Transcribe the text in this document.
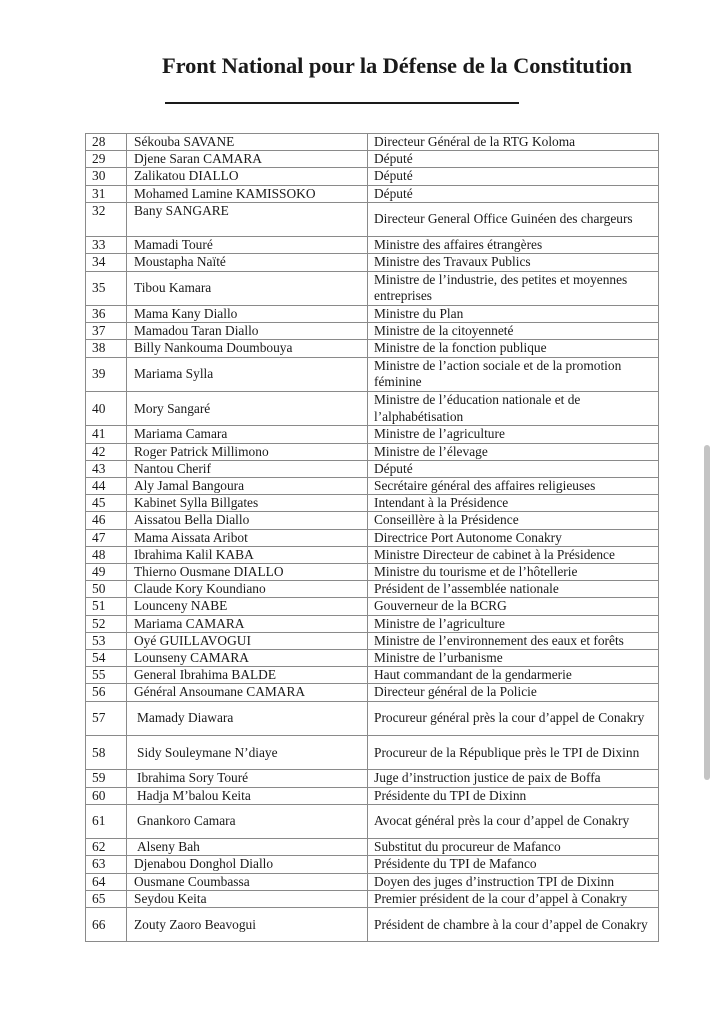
Front National pour la Défense de la Constitution
28	Sékouba SAVANE	Directeur Général de la RTG Koloma
29	Djene Saran CAMARA	Député
30	Zalikatou DIALLO	Député
31	Mohamed Lamine KAMISSOKO	Député
32	Bany SANGARE	Directeur General Office Guinéen des chargeurs
33	Mamadi Touré	Ministre des affaires étrangères
34	Moustapha Naïté	Ministre des Travaux Publics
35	Tibou Kamara	Ministre de l’industrie, des petites et moyennes entreprises
36	Mama Kany Diallo	Ministre du Plan
37	Mamadou Taran Diallo	Ministre de la citoyenneté
38	Billy Nankouma Doumbouya	Ministre de la fonction publique
39	Mariama Sylla	Ministre de l’action sociale et de la promotion féminine
40	Mory Sangaré	Ministre de l’éducation nationale et de l’alphabétisation
41	Mariama Camara	Ministre de l’agriculture
42	Roger Patrick Millimono	Ministre de l’élevage
43	Nantou Cherif	Député
44	Aly Jamal Bangoura	Secrétaire général des affaires religieuses
45	Kabinet Sylla Billgates	Intendant à la Présidence
46	Aissatou Bella Diallo	Conseillère à la Présidence
47	Mama Aissata Aribot	Directrice Port Autonome Conakry
48	Ibrahima Kalil KABA	Ministre Directeur de cabinet à la Présidence
49	Thierno Ousmane DIALLO	Ministre du tourisme et de l’hôtellerie
50	Claude Kory Koundiano	Président de l’assemblée nationale
51	Lounceny NABE	Gouverneur de la BCRG
52	Mariama CAMARA	Ministre de l’agriculture
53	Oyé GUILLAVOGUI	Ministre de l’environnement des eaux et forêts
54	Lounseny CAMARA	Ministre de l’urbanisme
55	General Ibrahima BALDE	Haut commandant de la gendarmerie
56	Général Ansoumane CAMARA	Directeur général de la Policie
57	Mamady Diawara	Procureur général près la cour d’appel de Conakry
58	Sidy Souleymane N’diaye	Procureur de la République près le TPI de Dixinn
59	Ibrahima Sory Touré	Juge d’instruction justice de paix de Boffa
60	Hadja M’balou Keita	Présidente du TPI de Dixinn
61	Gnankoro Camara	Avocat général près la cour d’appel de Conakry
62	Alseny Bah	Substitut du procureur de Mafanco
63	Djenabou Donghol Diallo	Présidente du TPI de Mafanco
64	Ousmane Coumbassa	Doyen des juges d’instruction TPI de Dixinn
65	Seydou Keita	Premier président de la cour d’appel à Conakry
66	Zouty Zaoro Beavogui	Président de chambre à la cour d’appel de Conakry
